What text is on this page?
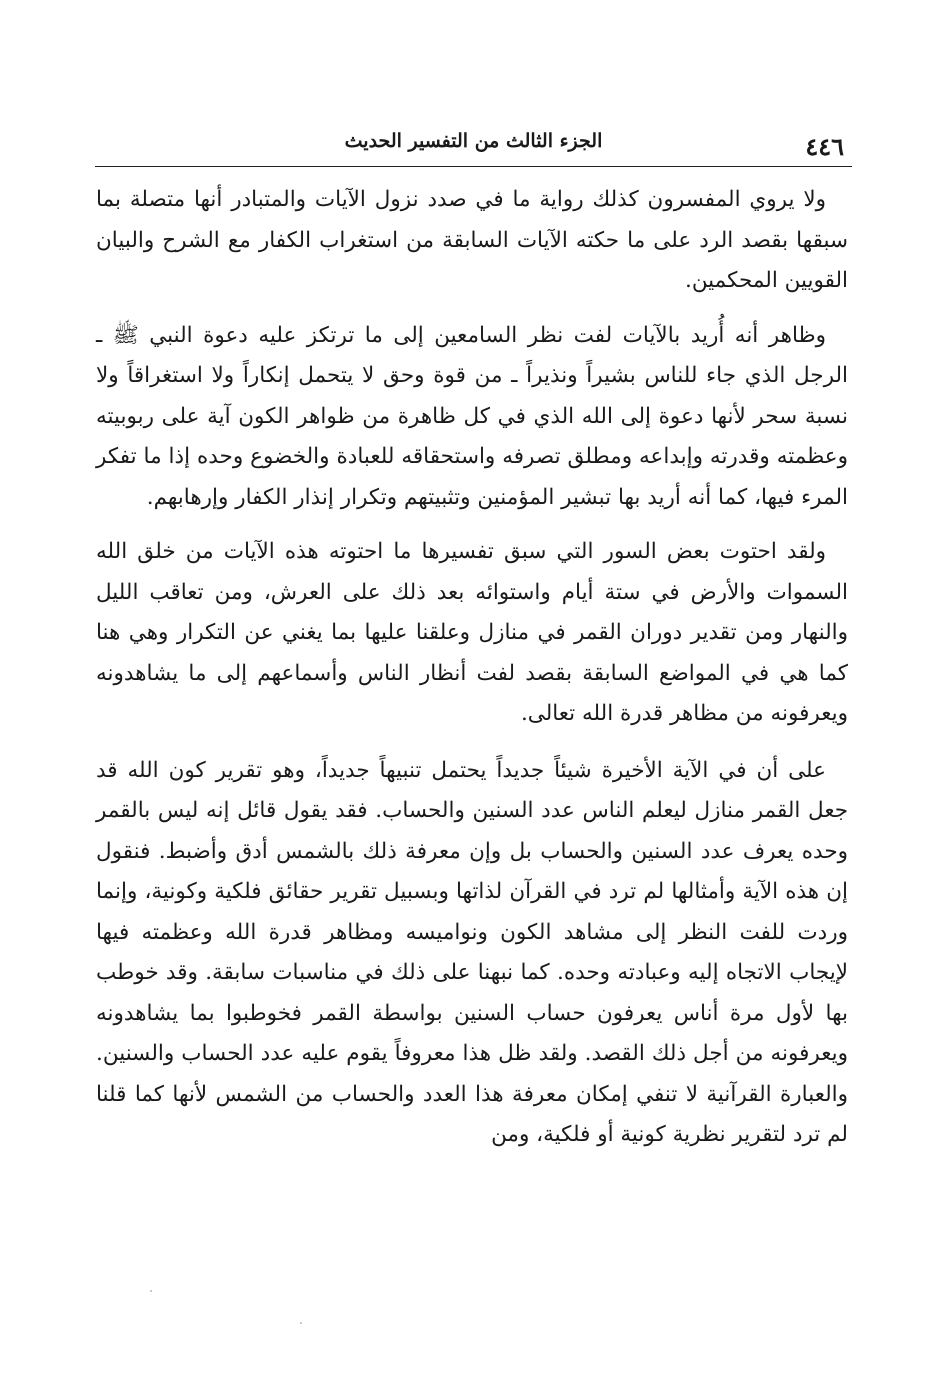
٤٤٦
الجزء الثالث من التفسير الحديث

ولا يروي المفسرون كذلك رواية ما في صدد نزول الآيات والمتبادر أنها متصلة بما سبقها بقصد الرد على ما حكته الآيات السابقة من استغراب الكفار مع الشرح والبيان القويين المحكمين.

وظاهر أنه أُريد بالآيات لفت نظر السامعين إلى ما ترتكز عليه دعوة النبي ﷺ ـ الرجل الذي جاء للناس بشيراً ونذيراً ـ من قوة وحق لا يتحمل إنكاراً ولا استغراقاً ولا نسبة سحر لأنها دعوة إلى الله الذي في كل ظاهرة من ظواهر الكون آية على ربوبيته وعظمته وقدرته وإبداعه ومطلق تصرفه واستحقاقه للعبادة والخضوع وحده إذا ما تفكر المرء فيها، كما أنه أريد بها تبشير المؤمنين وتثبيتهم وتكرار إنذار الكفار وإرهابهم.

ولقد احتوت بعض السور التي سبق تفسيرها ما احتوته هذه الآيات من خلق الله السموات والأرض في ستة أيام واستوائه بعد ذلك على العرش، ومن تعاقب الليل والنهار ومن تقدير دوران القمر في منازل وعلقنا عليها بما يغني عن التكرار وهي هنا كما هي في المواضع السابقة بقصد لفت أنظار الناس وأسماعهم إلى ما يشاهدونه ويعرفونه من مظاهر قدرة الله تعالى.

على أن في الآية الأخيرة شيئاً جديداً يحتمل تنبيهاً جديداً، وهو تقرير كون الله قد جعل القمر منازل ليعلم الناس عدد السنين والحساب. فقد يقول قائل إنه ليس بالقمر وحده يعرف عدد السنين والحساب بل وإن معرفة ذلك بالشمس أدق وأضبط. فنقول إن هذه الآية وأمثالها لم ترد في القرآن لذاتها وبسبيل تقرير حقائق فلكية وكونية، وإنما وردت للفت النظر إلى مشاهد الكون ونواميسه ومظاهر قدرة الله وعظمته فيها لإيجاب الاتجاه إليه وعبادته وحده. كما نبهنا على ذلك في مناسبات سابقة. وقد خوطب بها لأول مرة أناس يعرفون حساب السنين بواسطة القمر فخوطبوا بما يشاهدونه ويعرفونه من أجل ذلك القصد. ولقد ظل هذا معروفاً يقوم عليه عدد الحساب والسنين. والعبارة القرآنية لا تنفي إمكان معرفة هذا العدد والحساب من الشمس لأنها كما قلنا لم ترد لتقرير نظرية كونية أو فلكية، ومن
